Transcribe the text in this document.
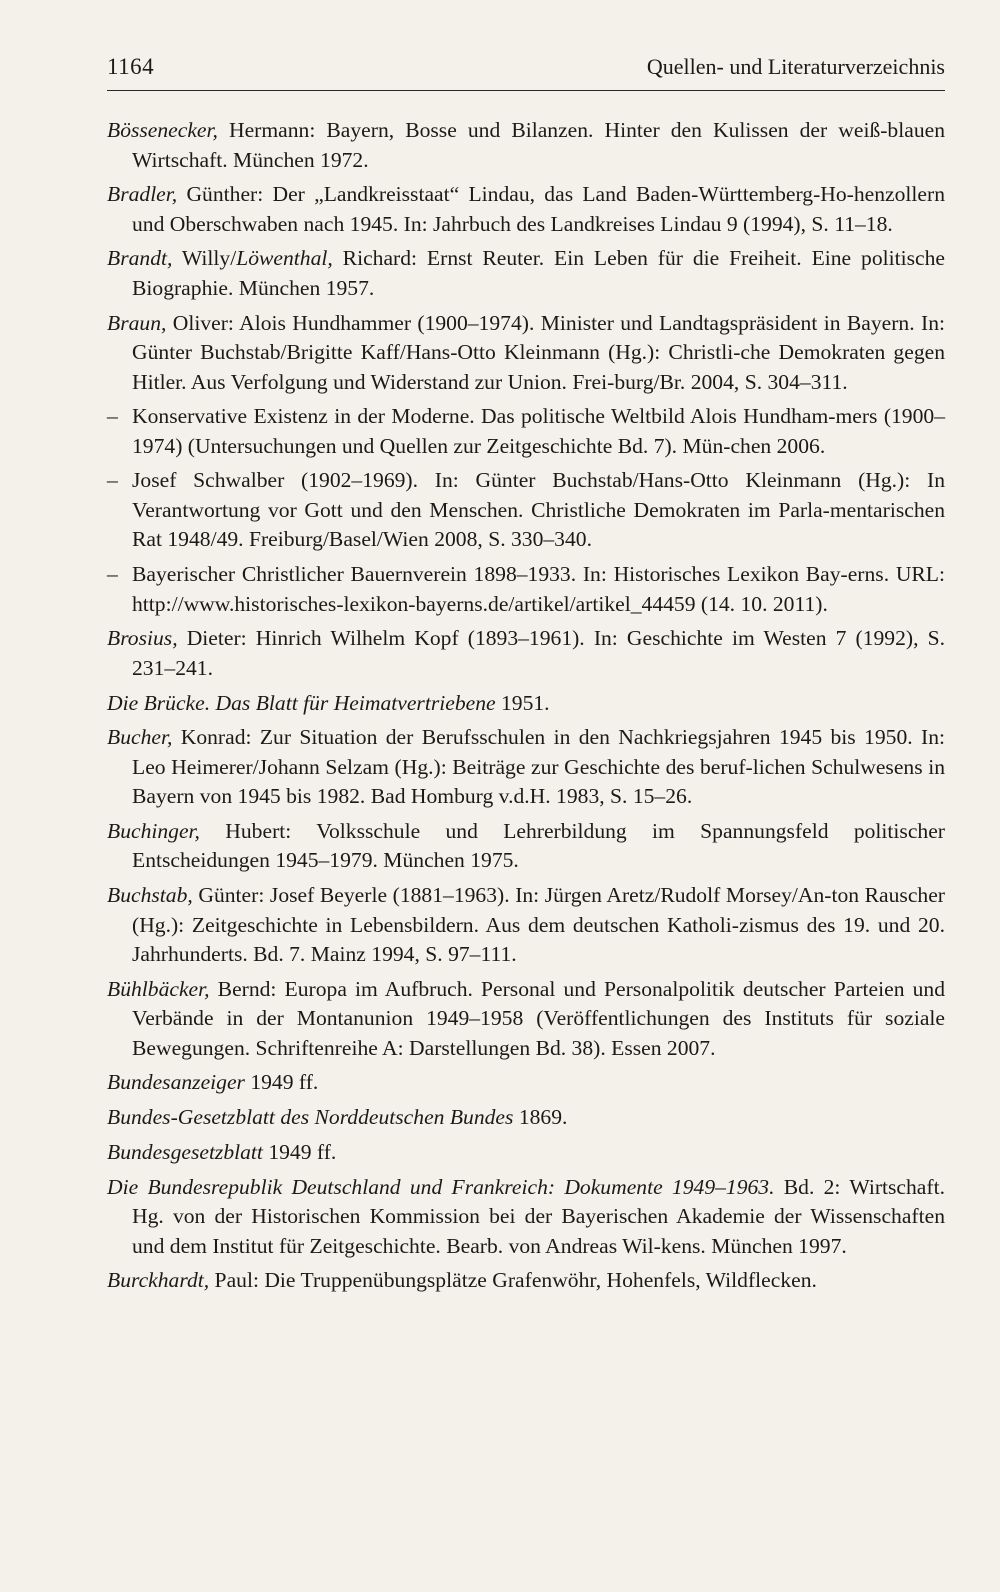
1164	Quellen- und Literaturverzeichnis

Bössenecker, Hermann: Bayern, Bosse und Bilanzen. Hinter den Kulissen der weiß-blauen Wirtschaft. München 1972.

Bradler, Günther: Der „Landkreisstaat“ Lindau, das Land Baden-Württemberg-Ho-henzollern und Oberschwaben nach 1945. In: Jahrbuch des Landkreises Lindau 9 (1994), S. 11–18.

Brandt, Willy/Löwenthal, Richard: Ernst Reuter. Ein Leben für die Freiheit. Eine politische Biographie. München 1957.

Braun, Oliver: Alois Hundhammer (1900–1974). Minister und Landtagspräsident in Bayern. In: Günter Buchstab/Brigitte Kaff/Hans-Otto Kleinmann (Hg.): Christli-che Demokraten gegen Hitler. Aus Verfolgung und Widerstand zur Union. Frei-burg/Br. 2004, S. 304–311.

– Konservative Existenz in der Moderne. Das politische Weltbild Alois Hundham-mers (1900–1974) (Untersuchungen und Quellen zur Zeitgeschichte Bd. 7). Mün-chen 2006.

– Josef Schwalber (1902–1969). In: Günter Buchstab/Hans-Otto Kleinmann (Hg.): In Verantwortung vor Gott und den Menschen. Christliche Demokraten im Parla-mentarischen Rat 1948/49. Freiburg/Basel/Wien 2008, S. 330–340.

– Bayerischer Christlicher Bauernverein 1898–1933. In: Historisches Lexikon Bay-erns. URL: http://www.historisches-lexikon-bayerns.de/artikel/artikel_44459 (14. 10. 2011).

Brosius, Dieter: Hinrich Wilhelm Kopf (1893–1961). In: Geschichte im Westen 7 (1992), S. 231–241.

Die Brücke. Das Blatt für Heimatvertriebene 1951.

Bucher, Konrad: Zur Situation der Berufsschulen in den Nachkriegsjahren 1945 bis 1950. In: Leo Heimerer/Johann Selzam (Hg.): Beiträge zur Geschichte des beruf-lichen Schulwesens in Bayern von 1945 bis 1982. Bad Homburg v.d.H. 1983, S. 15–26.

Buchinger, Hubert: Volksschule und Lehrerbildung im Spannungsfeld politischer Entscheidungen 1945–1979. München 1975.

Buchstab, Günter: Josef Beyerle (1881–1963). In: Jürgen Aretz/Rudolf Morsey/An-ton Rauscher (Hg.): Zeitgeschichte in Lebensbildern. Aus dem deutschen Katholi-zismus des 19. und 20. Jahrhunderts. Bd. 7. Mainz 1994, S. 97–111.

Bühlbäcker, Bernd: Europa im Aufbruch. Personal und Personalpolitik deutscher Parteien und Verbände in der Montanunion 1949–1958 (Veröffentlichungen des Instituts für soziale Bewegungen. Schriftenreihe A: Darstellungen Bd. 38). Essen 2007.

Bundesanzeiger 1949 ff.

Bundes-Gesetzblatt des Norddeutschen Bundes 1869.

Bundesgesetzblatt 1949 ff.

Die Bundesrepublik Deutschland und Frankreich: Dokumente 1949–1963. Bd. 2: Wirtschaft. Hg. von der Historischen Kommission bei der Bayerischen Akademie der Wissenschaften und dem Institut für Zeitgeschichte. Bearb. von Andreas Wil-kens. München 1997.

Burckhardt, Paul: Die Truppenübungsplätze Grafenwöhr, Hohenfels, Wildflecken.
